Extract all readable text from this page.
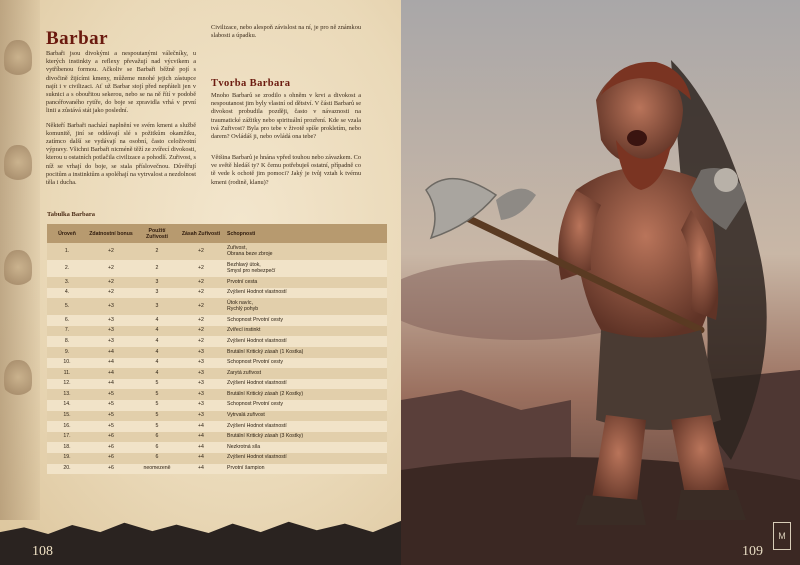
Barbar

Barbaři jsou divokými a nespoutanými válečníky, u kterých instinkty a reflexy převažují nad výcvikem a vytříbenou formou. Ačkoliv se Barbaři běžně pojí s divočině žijícími kmeny, můžeme mnohé jejich zástupce najít i v civilizaci. Ať už Barbar stojí před nepřáteli jen v suknici a s obouřitou sekerou, nebo se na ně řítí v podobě pancéřovaného rytíře, do boje se zpravidla vrhá v první linii a zůstává stát jako poslední.

Někteří Barbaři nachází naplnění ve svém kmeni a službě komunitě, jiní se oddávají slé s požitkům okamžiku, zatímco další se vydávají na osobní, často celoživotní výpravy. Všichni Barbaři nicméně těží ze zvířecí divokosti, kterou u ostatních potlačila civilizace a pohodlí. Zuřivost, s níž se vrhají do boje, se stala příslovečnou. Důvěřují pocitům a instinktům a spoléhají na vytrvalost a nezdolnost těla i ducha.

Civilizace, nebo alespoň závislost na ní, je pro ně známkou slabosti a úpadku.

Tvorba Barbara

Mnoho Barbarů se zrodilo s ohněm v krvi a divokost a nespoutanost jim byly vlastní od dětství. V části Barbarů se divokost probudila později, často v návaznosti na traumatické zážitky nebo spirituální prozření. Kde se vzala tvá Zuřivost? Byla pro tebe v životě spíše prokletím, nebo darem? Ovládáš ji, nebo ovládá ona tebe?

Většina Barbarů je hnána vpřed touhou nebo závazkem. Co ve světě hledáš ty? K čemu potřebuješ ostatní, případně co tě vede k ochotě jim pomoci? Jaký je tvůj vztah k tvému kmeni (rodině, klanu)?

Tabulka Barbara
Úroveň	Zdatnostní bonus	Použití Zuřivosti	Zásah Zuřivosti	Schopnosti
1.	+2	2	+2	Zuřivost,
Obrana beze zbroje
2.	+2	2	+2	Bezhlavý útok,
Smysl pro nebezpečí
3.	+2	3	+2	Prvotní cesta
4.	+2	3	+2	Zvýšení Hodnot vlastností
5.	+3	3	+2	Útok navíc,
Rychlý pohyb
6.	+3	4	+2	Schopnost Prvotní cesty
7.	+3	4	+2	Zvířecí instinkt
8.	+3	4	+2	Zvýšení Hodnot vlastností
9.	+4	4	+3	Brutální Kritický zásah (1 Kostka)
10.	+4	4	+3	Schopnost Prvotní cesty
11.	+4	4	+3	Zarytá zuřivost
12.	+4	5	+3	Zvýšení Hodnot vlastností
13.	+5	5	+3	Brutální Kritický zásah (2 Kostky)
14.	+5	5	+3	Schopnost Prvotní cesty
15.	+5	5	+3	Vytrvalá zuřivost
16.	+5	5	+4	Zvýšení Hodnot vlastností
17.	+6	6	+4	Brutální Kritický zásah (3 Kostky)
18.	+6	6	+4	Nezkrotná síla
19.	+6	6	+4	Zvýšení Hodnot vlastností
20.	+6	neomezeně	+4	Prvotní šampion
108
M
109
